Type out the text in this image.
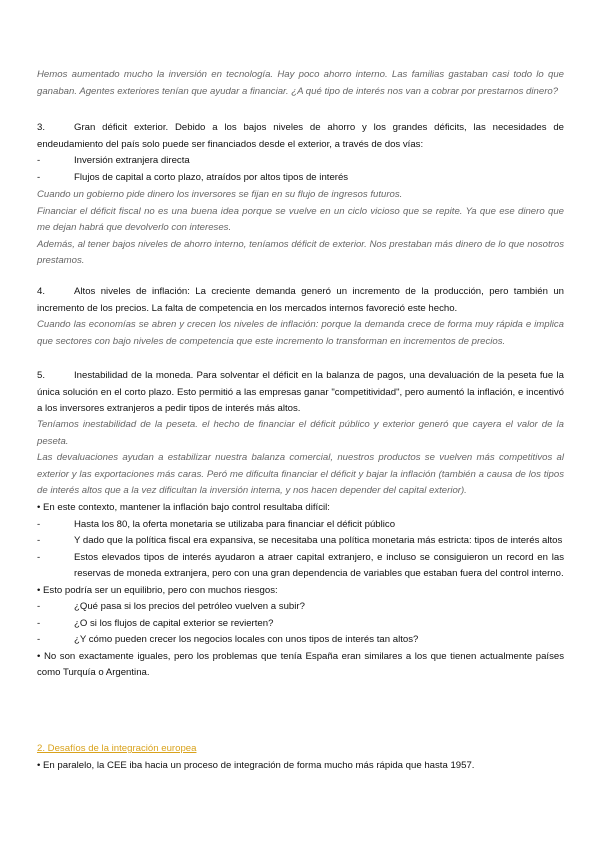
Hemos aumentado mucho la inversión en tecnología. Hay poco ahorro interno. Las familias gastaban casi todo lo que ganaban. Agentes exteriores tenían que ayudar a financiar. ¿A qué tipo de interés nos van a cobrar por prestarnos dinero?
3.	Gran déficit exterior. Debido a los bajos niveles de ahorro y los grandes déficits, las necesidades de endeudamiento del país solo puede ser financiados desde el exterior, a través de dos vías:
-	Inversión extranjera directa
-	Flujos de capital a corto plazo, atraídos por altos tipos de interés
Cuando un gobierno pide dinero los inversores se fijan en su flujo de ingresos futuros.
Financiar el déficit fiscal no es una buena idea porque se vuelve en un ciclo vicioso que se repite. Ya que ese dinero que me dejan habrá que devolverlo con intereses.
Además, al tener bajos niveles de ahorro interno, teníamos déficit de exterior. Nos prestaban más dinero de lo que nosotros prestamos.
4.	Altos niveles de inflación: La creciente demanda generó un incremento de la producción, pero también un incremento de los precios. La falta de competencia en los mercados internos favoreció este hecho.
Cuando las economías se abren y crecen los niveles de inflación: porque la demanda crece de forma muy rápida e implica que sectores con bajo niveles de competencia que este incremento lo transforman en incrementos de precios.
5.	Inestabilidad de la moneda. Para solventar el déficit en la balanza de pagos, una devaluación de la peseta fue la única solución en el corto plazo. Esto permitió a las empresas ganar "competitividad", pero aumentó la inflación, e incentivó a los inversores extranjeros a pedir tipos de interés más altos.
Teníamos inestabilidad de la peseta. el hecho de financiar el déficit público y exterior generó que cayera el valor de la peseta.
Las devaluaciones ayudan a estabilizar nuestra balanza comercial, nuestros productos se vuelven más competitivos al exterior y las exportaciones más caras. Peró me dificulta financiar el déficit y bajar la inflación (también a causa de los tipos de interés altos que a la vez dificultan la inversión interna, y nos hacen depender del capital exterior).
• En este contexto, mantener la inflación bajo control resultaba difícil:
-	Hasta los 80, la oferta monetaria se utilizaba para financiar el déficit público
-	Y dado que la política fiscal era expansiva, se necesitaba una política monetaria más estricta: tipos de interés altos
-	Estos elevados tipos de interés ayudaron a atraer capital extranjero, e incluso se consiguieron un record en las reservas de moneda extranjera, pero con una gran dependencia de variables que estaban fuera del control interno.
• Esto podría ser un equilibrio, pero con muchos riesgos:
-	¿Qué pasa si los precios del petróleo vuelven a subir?
-	¿O si los flujos de capital exterior se revierten?
-	¿Y cómo pueden crecer los negocios locales con unos tipos de interés tan altos?
• No son exactamente iguales, pero los problemas que tenía España eran similares a los que tienen actualmente países como Turquía o Argentina.
2. Desafíos de la integración europea
• En paralelo, la CEE iba hacia un proceso de integración de forma mucho más rápida que hasta 1957.
